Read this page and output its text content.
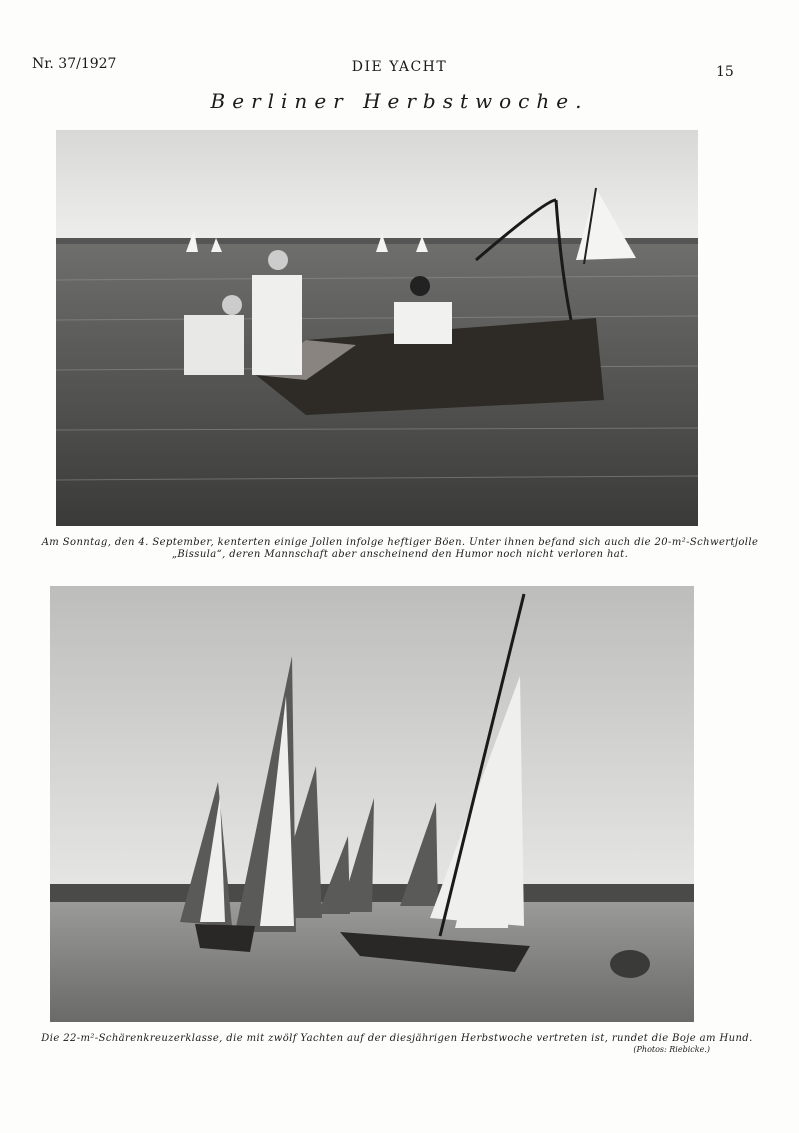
Nr. 37/1927	DIE YACHT	15
Berliner Herbstwoche.
Am Sonntag, den 4. September, kenterten einige Jollen infolge heftiger Böen. Unter ihnen befand sich auch die 20-m²-Schwertjolle
„Bissula“, deren Mannschaft aber anscheinend den Humor noch nicht verloren hat.
Die 22-m²-Schärenkreuzerklasse, die mit zwölf Yachten auf der diesjährigen Herbstwoche vertreten ist, rundet die Boje am Hund.
(Photos: Riebicke.)
